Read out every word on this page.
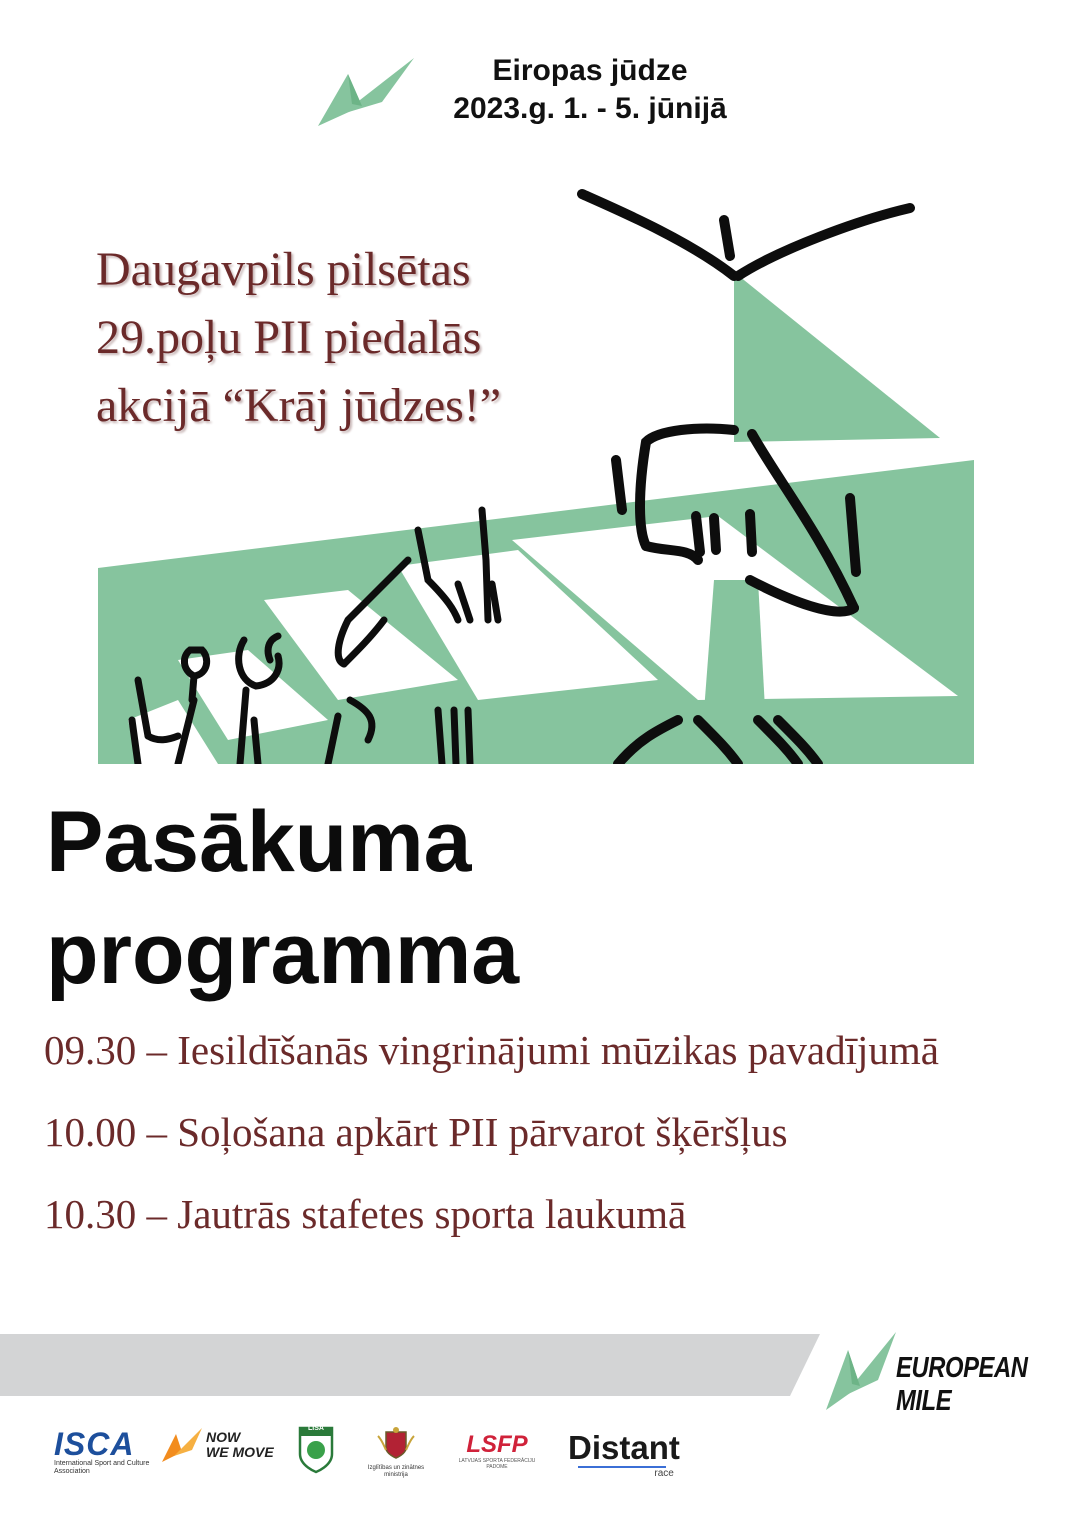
Eiropas jūdze
2023.g. 1. - 5. jūnijā
Daugavpils pilsētas
29.poļu PII piedalās
akcijā “Krāj jūdzes!”
Pasākuma
programma
09.30 – Iesildīšanās vingrinājumi mūzikas pavadījumā
10.00 – Soļošana apkārt PII pārvarot šķēršļus
10.30 – Jautrās stafetes sporta laukumā
EUROPEAN MILE
ISCA
International Sport and Culture Association
NOW
WE MOVE
LISA
Izglītības un zinātnes ministrija
LSFP
LATVIJAS SPORTA FEDERĀCIJU PADOME
Distant
race
